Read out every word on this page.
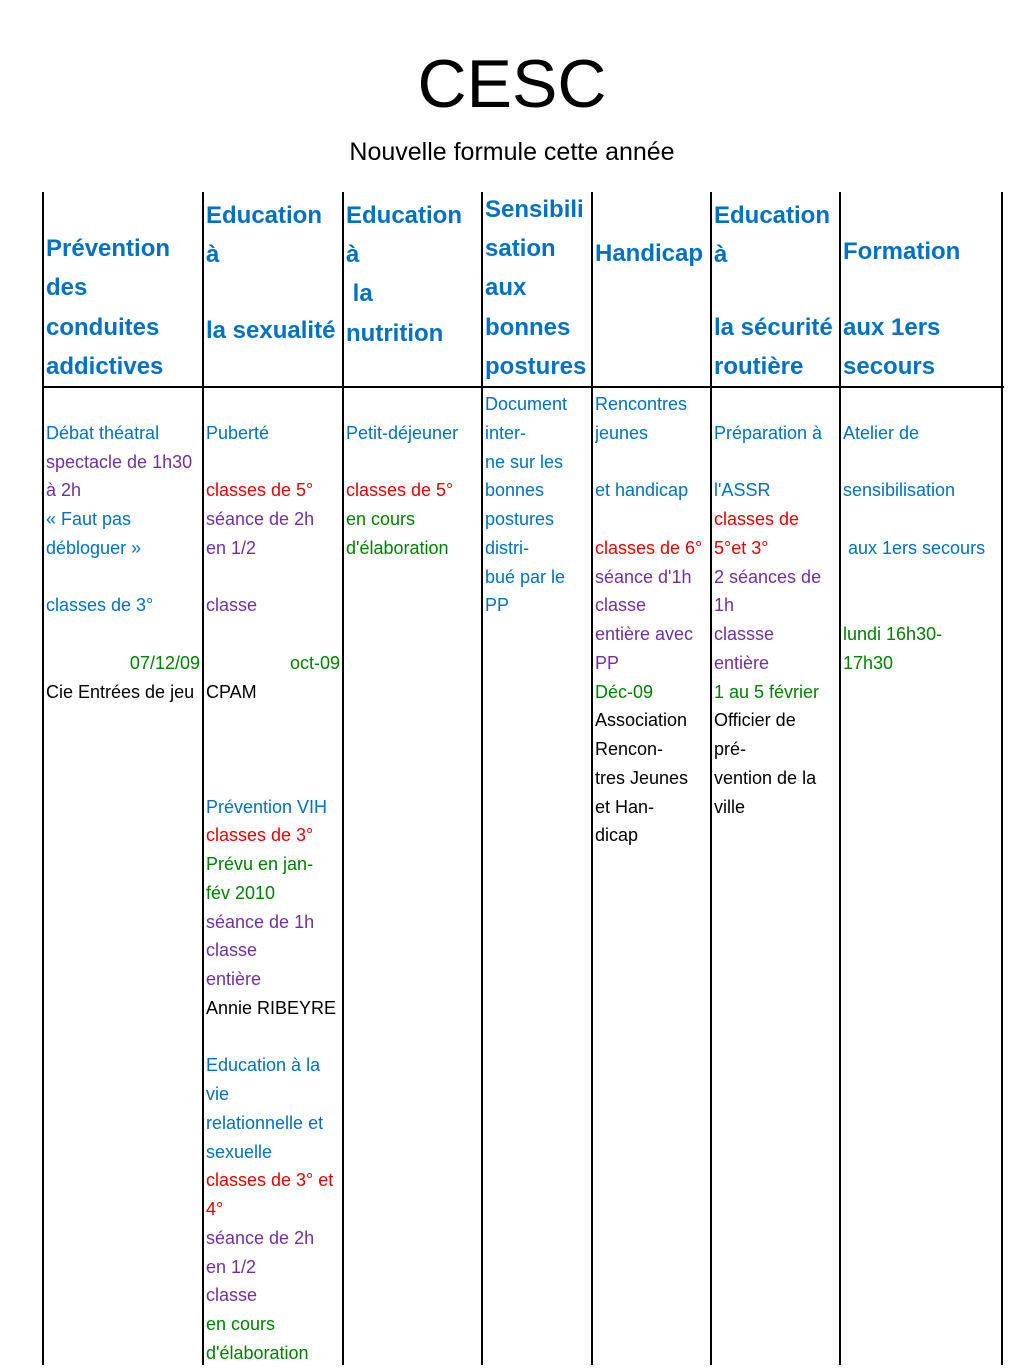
CESC
Nouvelle formule cette année
Prévention
des
conduites
addictives
Débat théatral
spectacle de 1h30
à 2h
« Faut pas
débloguer »
classes de 3°
07/12/09
Cie Entrées de jeu
Education
à
la sexualité
Puberté
classes de 5°
séance de 2h
en 1/2
classe
oct-09
CPAM
Prévention VIH
classes de 3°
Prévu en jan-
fév 2010
séance de 1h
classe
entière
Annie RIBEYRE
Education à la
vie
relationnelle et
sexuelle
classes de 3° et
4°
séance de 2h
en 1/2
classe
en cours
d'élaboration
Education
à
la
nutrition
Petit-déjeuner
classes de 5°
en cours
d'élaboration
Sensibili
sation
aux
bonnes
postures
Document
inter-
ne sur les
bonnes
postures
distri-
bué par le
PP
Handicap
Rencontres
jeunes
et handicap
classes de 6°
séance d'1h
classe
entière avec
PP
Déc-09
Association
Rencon-
tres Jeunes
et Han-
dicap
Education
à
la sécurité
routière
Préparation à
l'ASSR
classes de
5°et 3°
2 séances de
1h
classse
entière
1 au 5 février
Officier de
pré-
vention de la
ville
Formation
aux 1ers
secours
Atelier de
sensibilisation
aux 1ers secours
lundi 16h30-
17h30
